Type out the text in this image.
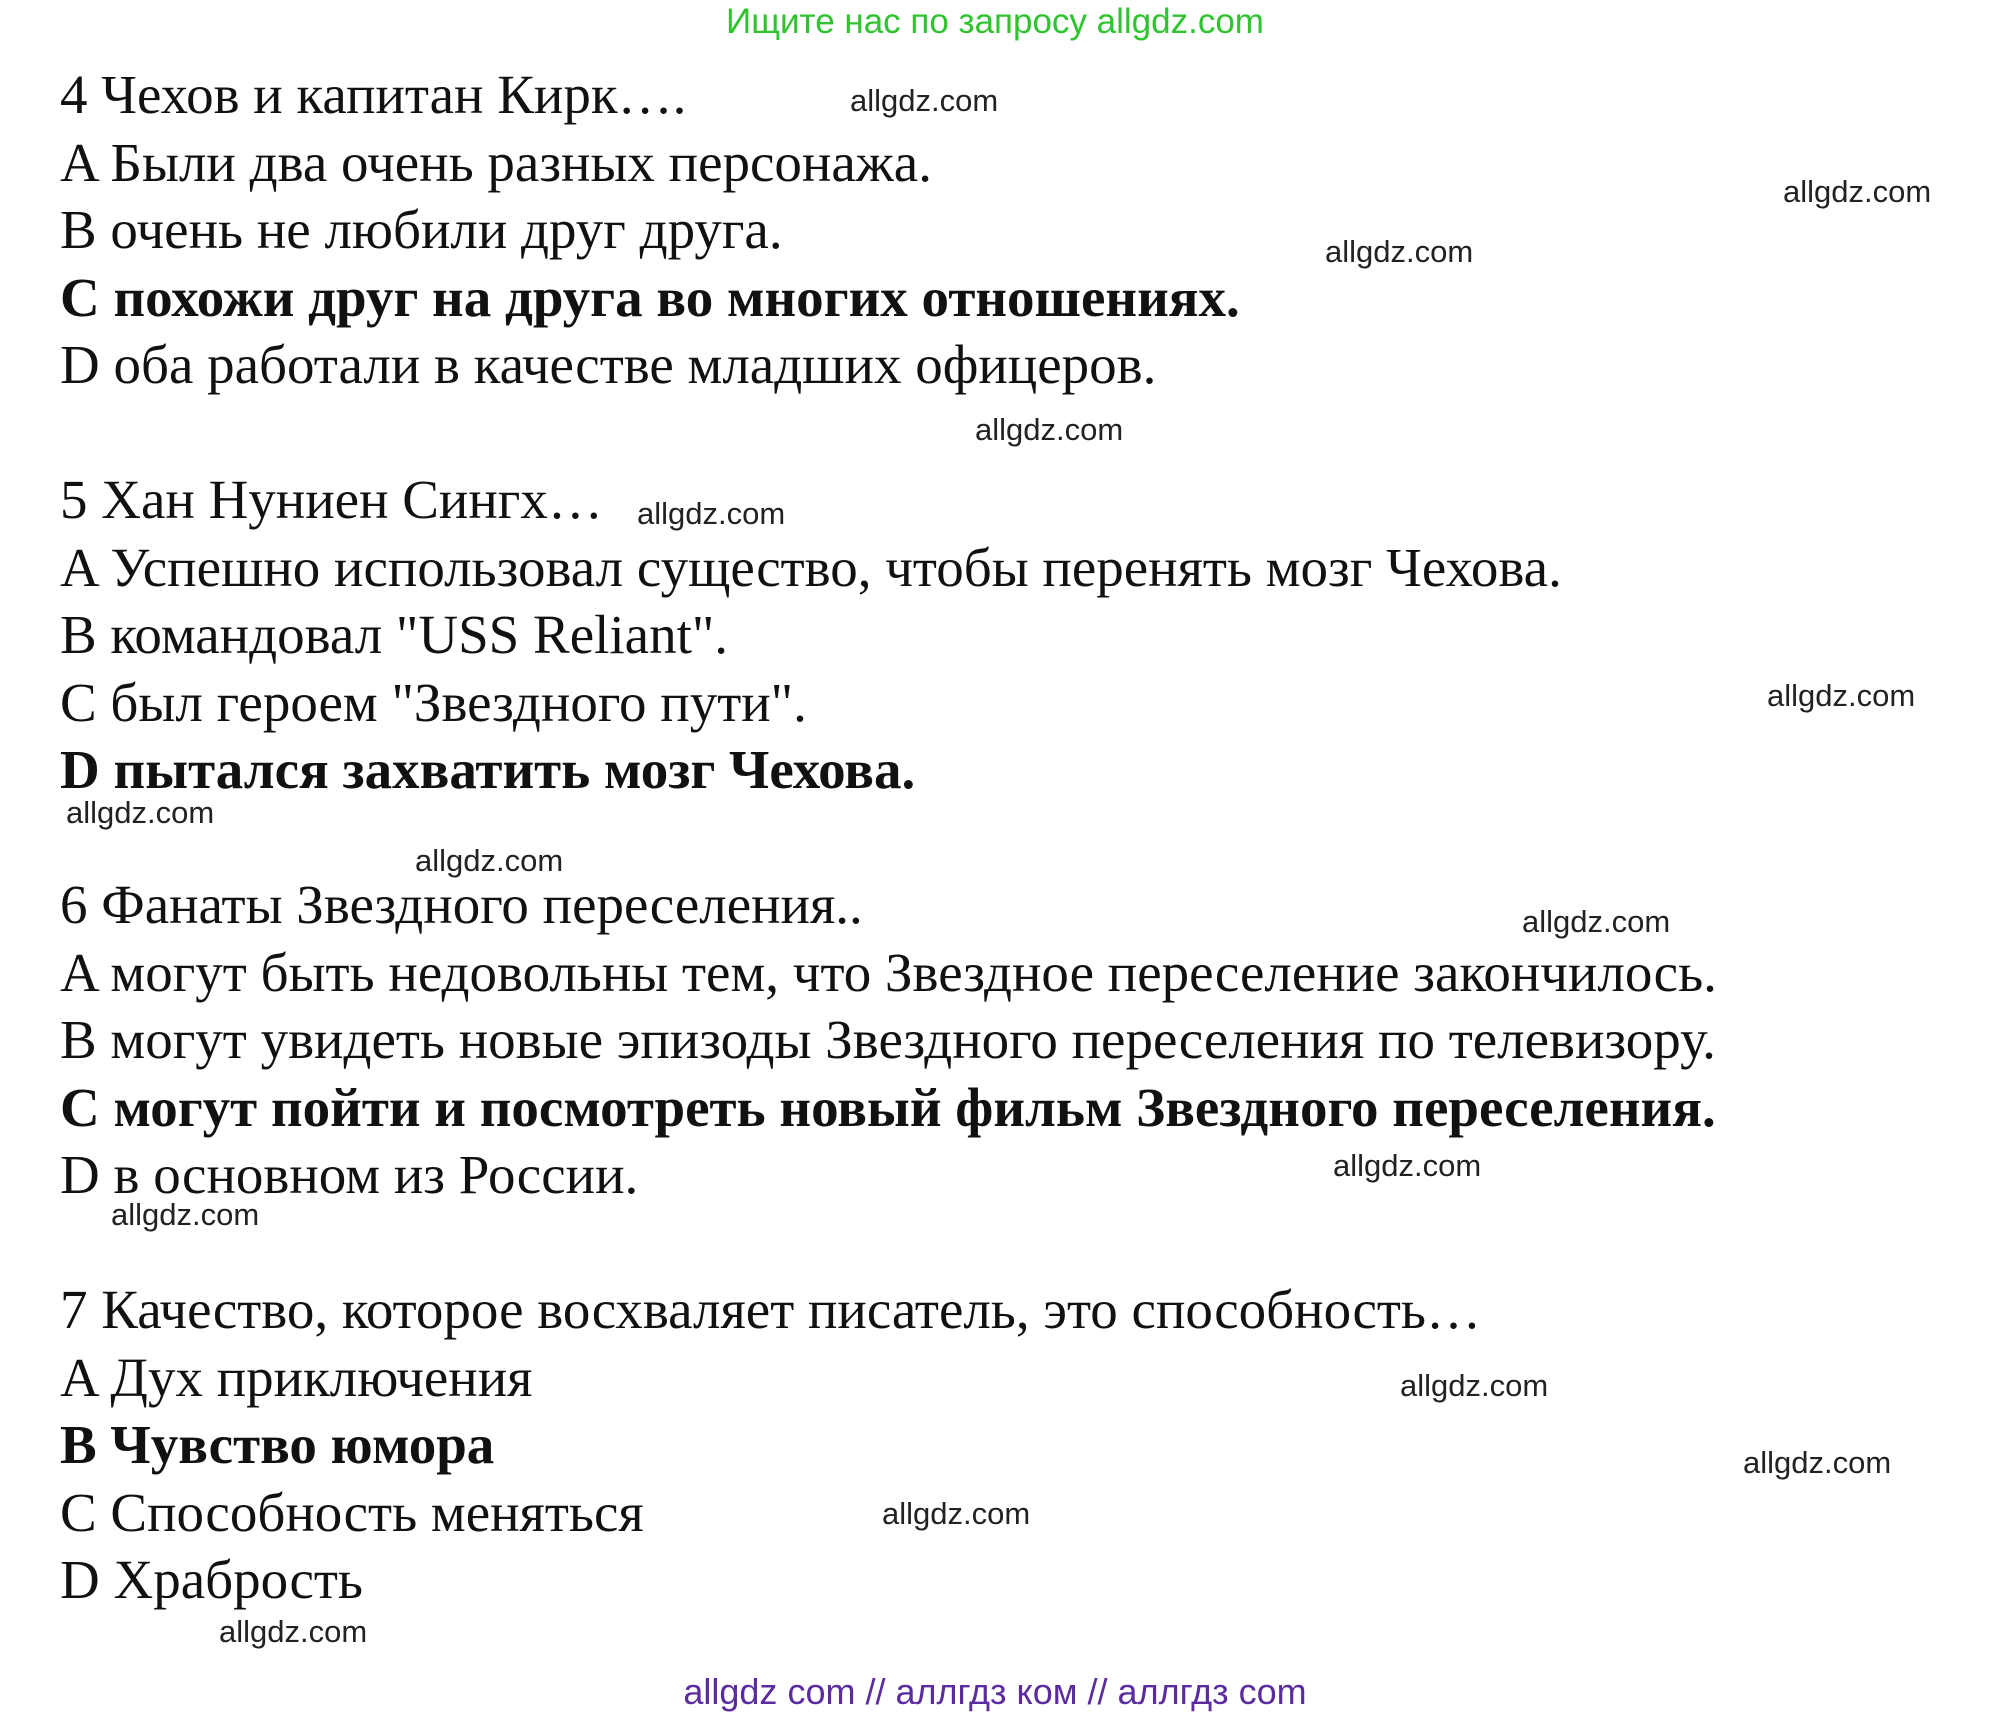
Ищите нас по запросу allgdz.com
4 Чехов и капитан Кирк….
A Были два очень разных персонажа.
B очень не любили друг друга.
C похожи друг на друга во многих отношениях.
D оба работали в качестве младших офицеров.
5 Хан Нуниен Сингх…
A Успешно использовал существо, чтобы перенять мозг Чехова.
B командовал "USS Reliant".
C был героем "Звездного пути".
D пытался захватить мозг Чехова.
6 Фанаты Звездного переселения..
A могут быть недовольны тем, что Звездное переселение закончилось.
B могут увидеть новые эпизоды Звездного переселения по телевизору.
C могут пойти и посмотреть новый фильм Звездного переселения.
D в основном из России.
7 Качество, которое восхваляет писатель, это способность…
A Дух приключения
B Чувство юмора
C Способность меняться
D Храбрость
allgdz.com
allgdz.com
allgdz.com
allgdz.com
allgdz.com
allgdz.com
allgdz.com
allgdz.com
allgdz.com
allgdz.com
allgdz.com
allgdz.com
allgdz.com
allgdz.com
allgdz.com
allgdz com // аллгдз ком // аллгдз com
